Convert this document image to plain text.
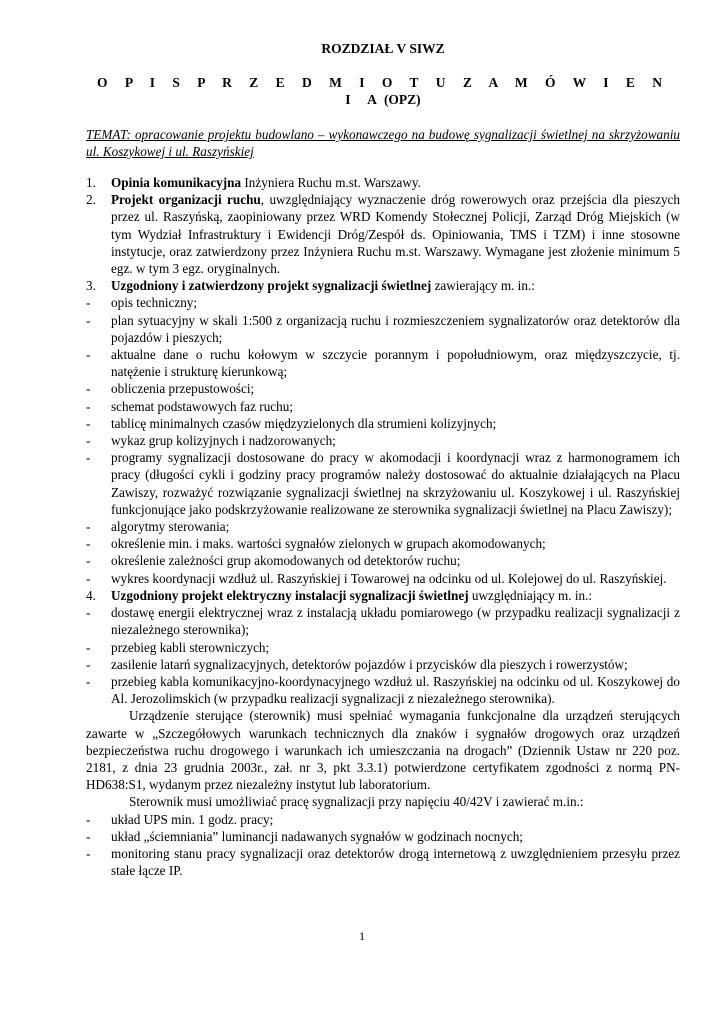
ROZDZIAŁ V SIWZ
O P I S P R Z E D M I O T U Z A M Ó W I E N I A(OPZ)
TEMAT: opracowanie projektu budowlano – wykonawczego na budowę sygnalizacji świetlnej na skrzyżowaniu ul. Koszykowej i ul. Raszyńskiej
1. Opinia komunikacyjna Inżyniera Ruchu m.st. Warszawy.
2. Projekt organizacji ruchu, uwzględniający wyznaczenie dróg rowerowych oraz przejścia dla pieszych przez ul. Raszyńską, zaopiniowany przez WRD Komendy Stołecznej Policji, Zarząd Dróg Miejskich (w tym Wydział Infrastruktury i Ewidencji Dróg/Zespół ds. Opiniowania, TMS i TZM) i inne stosowne instytucje, oraz zatwierdzony przez Inżyniera Ruchu m.st. Warszawy. Wymagane jest złożenie minimum 5 egz. w tym 3 egz. oryginalnych.
3. Uzgodniony i zatwierdzony projekt sygnalizacji świetlnej zawierający m. in.:
- opis techniczny;
- plan sytuacyjny w skali 1:500 z organizacją ruchu i rozmieszczeniem sygnalizatorów oraz detektorów dla pojazdów i pieszych;
- aktualne dane o ruchu kołowym w szczycie porannym i popołudniowym, oraz międzyszczycie, tj. natężenie i strukturę kierunkową;
- obliczenia przepustowości;
- schemat podstawowych faz ruchu;
- tablicę minimalnych czasów międzyzielonych dla strumieni kolizyjnych;
- wykaz grup kolizyjnych i nadzorowanych;
- programy sygnalizacji dostosowane do pracy w akomodacji i koordynacji wraz z harmonogramem ich pracy (długości cykli i godziny pracy programów należy dostosować do aktualnie działających na Placu Zawiszy, rozważyć rozwiązanie sygnalizacji świetlnej na skrzyżowaniu ul. Koszykowej i ul. Raszyńskiej funkcjonujące jako podskrzyżowanie realizowane ze sterownika sygnalizacji świetlnej na Placu Zawiszy);
- algorytmy sterowania;
- określenie min. i maks. wartości sygnałów zielonych w grupach akomodowanych;
- określenie zależności grup akomodowanych od detektorów ruchu;
- wykres koordynacji wzdłuż ul. Raszyńskiej i Towarowej na odcinku od ul. Kolejowej do ul. Raszyńskiej.
4. Uzgodniony projekt elektryczny instalacji sygnalizacji świetlnej uwzględniający m. in.:
- dostawę energii elektrycznej wraz z instalacją układu pomiarowego (w przypadku realizacji sygnalizacji z niezależnego sterownika);
- przebieg kabli sterowniczych;
- zasilenie latarń sygnalizacyjnych, detektorów pojazdów i przycisków dla pieszych i rowerzystów;
- przebieg kabla komunikacyjno-koordynacyjnego wzdłuż ul. Raszyńskiej na odcinku od ul. Koszykowej do Al. Jerozolimskich (w przypadku realizacji sygnalizacji z niezależnego sterownika).
Urządzenie sterujące (sterownik) musi spełniać wymagania funkcjonalne dla urządzeń sterujących zawarte w „Szczegółowych warunkach technicznych dla znaków i sygnałów drogowych oraz urządzeń bezpieczeństwa ruchu drogowego i warunkach ich umieszczania na drogach” (Dziennik Ustaw nr 220 poz. 2181, z dnia 23 grudnia 2003r., zał. nr 3, pkt 3.3.1) potwierdzone certyfikatem zgodności z normą PN-HD638:S1, wydanym przez niezależny instytut lub laboratorium.
Sterownik musi umożliwiać pracę sygnalizacji przy napięciu 40/42V i zawierać m.in.:
- układ UPS min. 1 godz. pracy;
- układ „ściemniania” luminancji nadawanych sygnałów w godzinach nocnych;
- monitoring stanu pracy sygnalizacji oraz detektorów drogą internetową z uwzględnieniem przesyłu przez stałe łącze IP.
1
